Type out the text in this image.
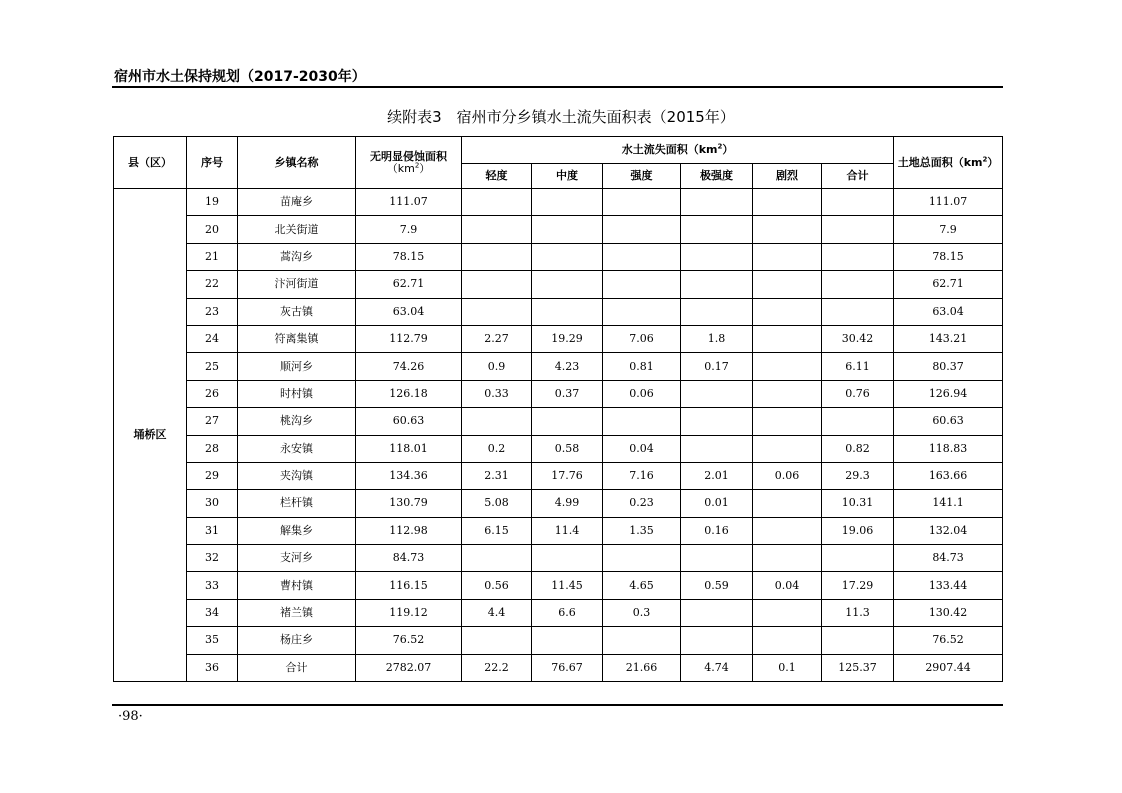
宿州市水土保持规划（2017-2030年）
续附表3　宿州市分乡镇水土流失面积表（2015年）
县（区）	序号	乡镇名称	无明显侵蚀面积
$(km^2)$	水土流失面积$(km^2)$						土地总面积$(km^2)$
				轻度	中度	强度	极强度	剧烈	合计	
埇桥区	19	苗庵乡	111.07							111.07
	20	北关街道	7.9							7.9
	21	蒿沟乡	78.15							78.15
	22	汴河街道	62.71							62.71
	23	灰古镇	63.04							63.04
	24	符离集镇	112.79	2.27	19.29	7.06	1.8		30.42	143.21
	25	顺河乡	74.26	0.9	4.23	0.81	0.17		6.11	80.37
	26	时村镇	126.18	0.33	0.37	0.06			0.76	126.94
	27	桃沟乡	60.63							60.63
	28	永安镇	118.01	0.2	0.58	0.04			0.82	118.83
	29	夹沟镇	134.36	2.31	17.76	7.16	2.01	0.06	29.3	163.66
	30	栏杆镇	130.79	5.08	4.99	0.23	0.01		10.31	141.1
	31	解集乡	112.98	6.15	11.4	1.35	0.16		19.06	132.04
	32	支河乡	84.73							84.73
	33	曹村镇	116.15	0.56	11.45	4.65	0.59	0.04	17.29	133.44
	34	褚兰镇	119.12	4.4	6.6	0.3			11.3	130.42
	35	杨庄乡	76.52							76.52
	36	合计	2782.07	22.2	76.67	21.66	4.74	0.1	125.37	2907.44
·98·
